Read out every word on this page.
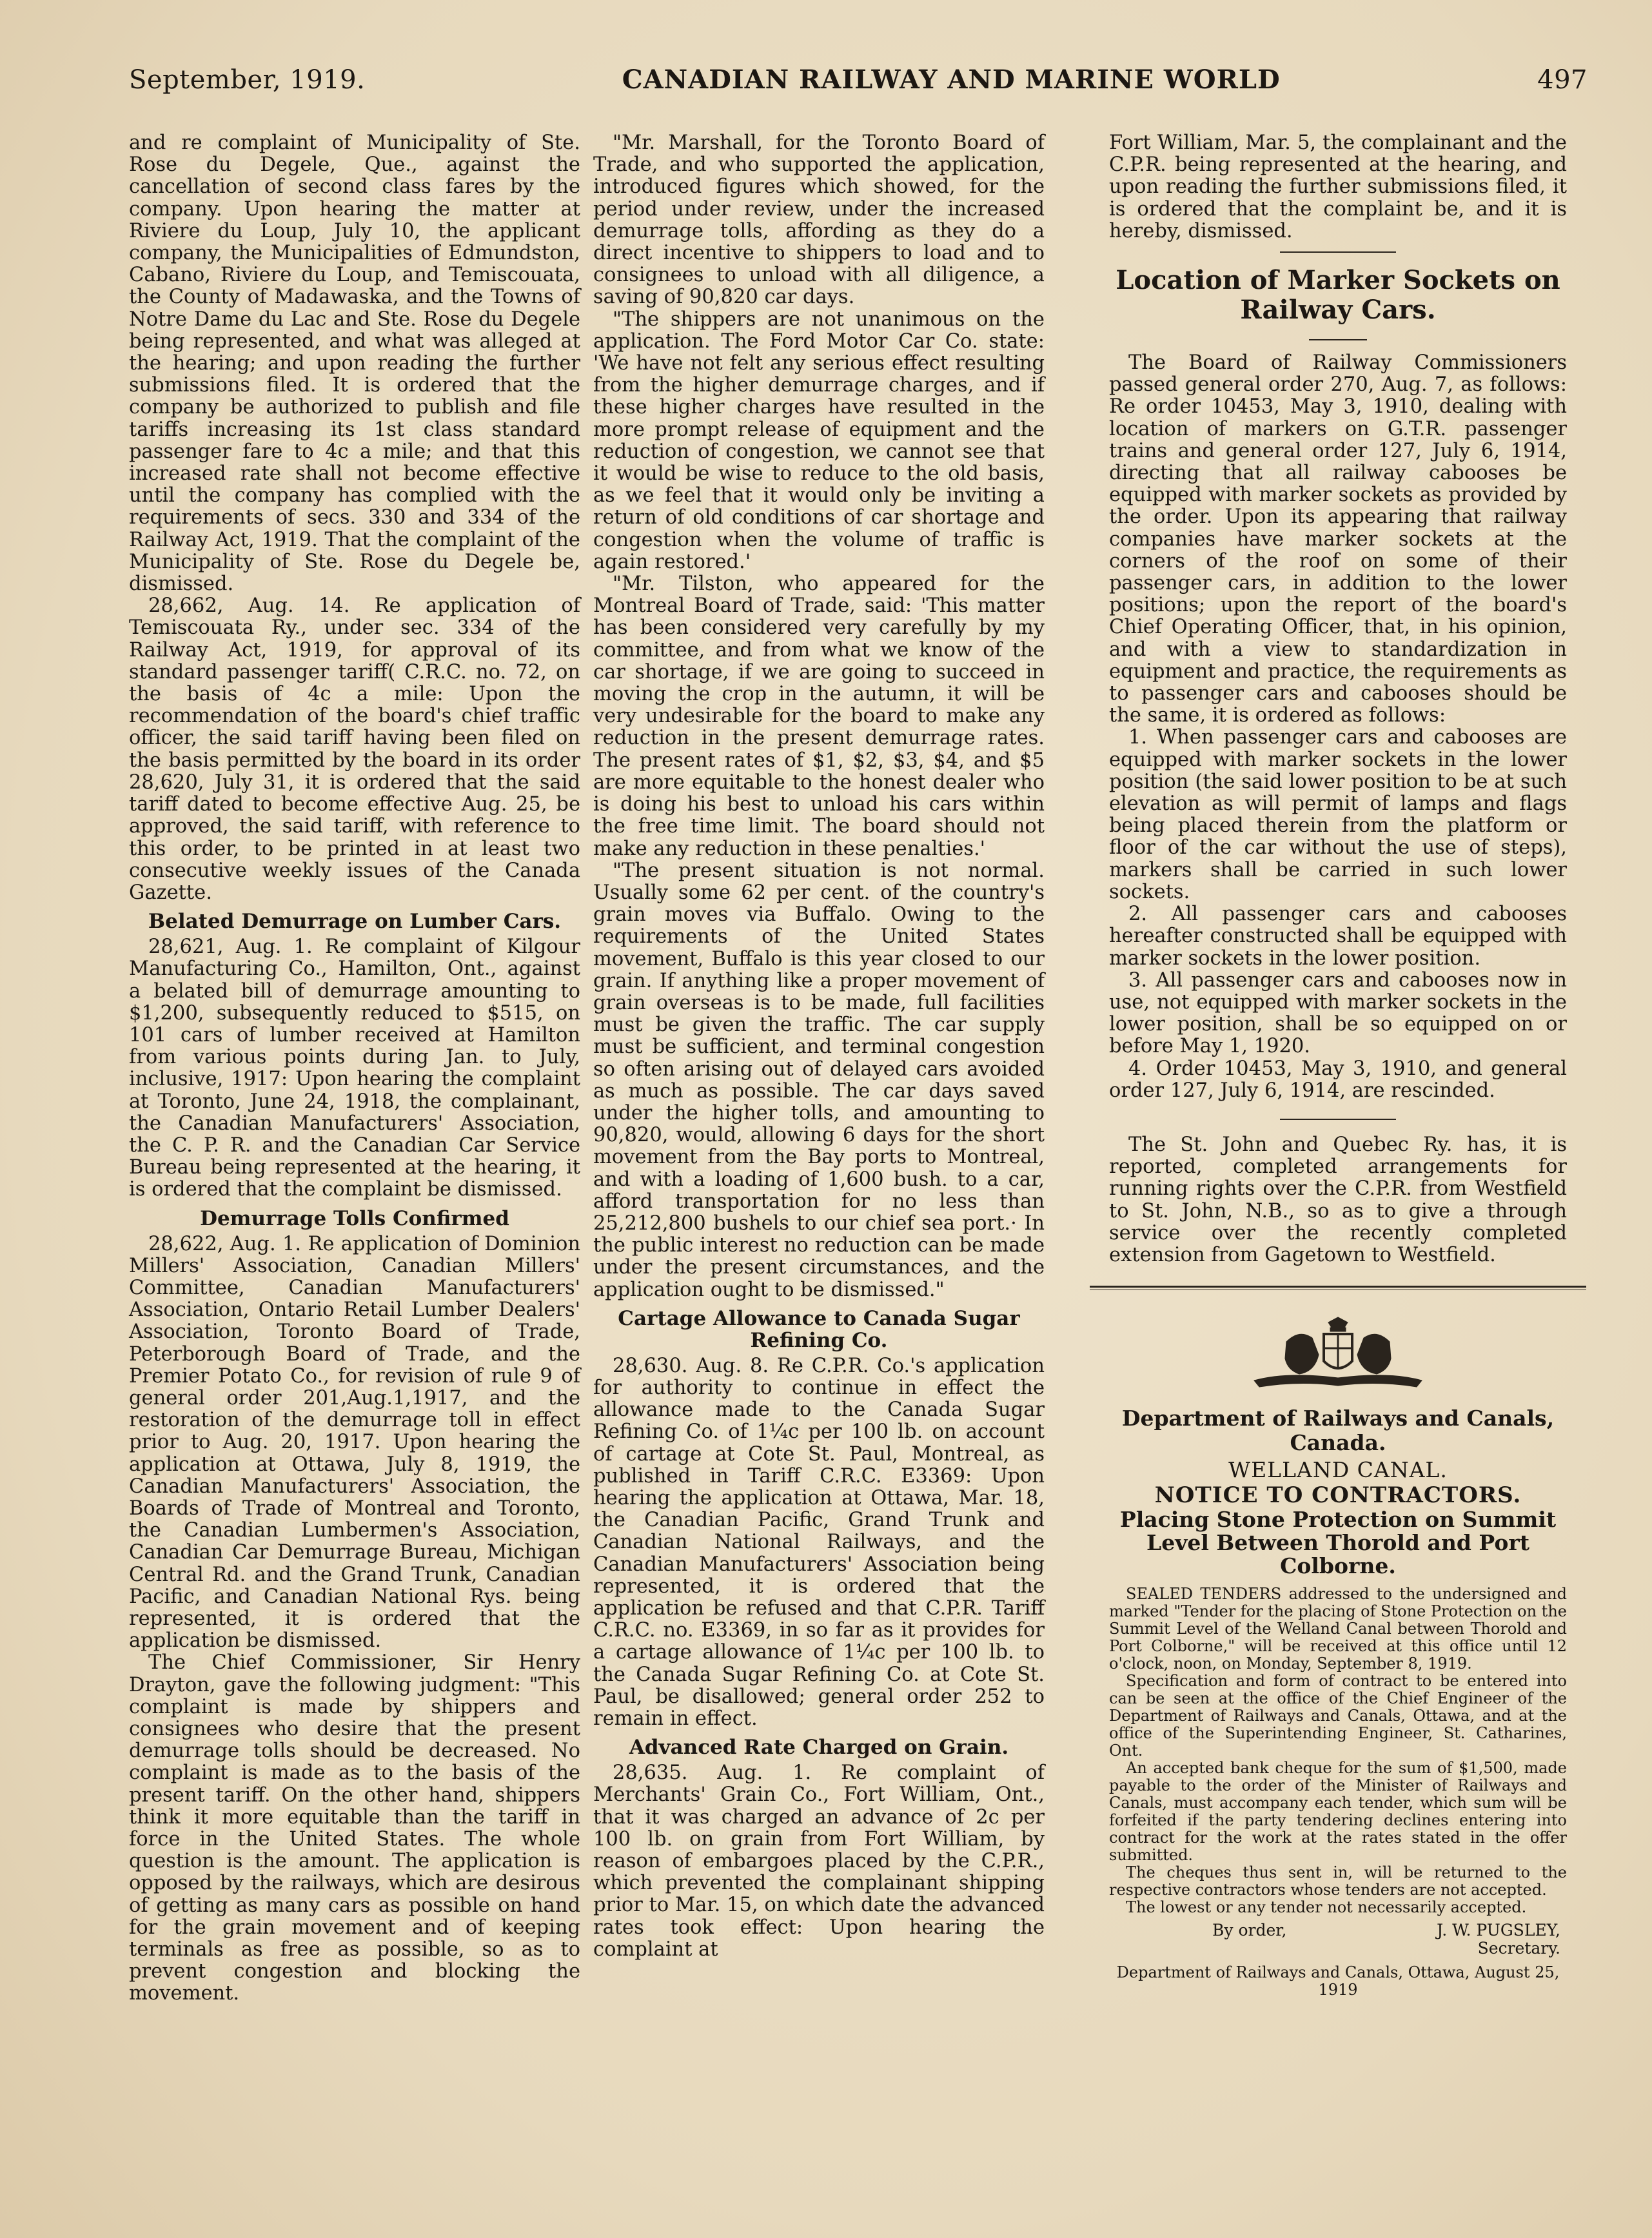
September, 1919.	CANADIAN RAILWAY AND MARINE WORLD	497

and re complaint of Municipality of Ste. Rose du Degele, Que., against the cancellation of second class fares by the company. Upon hearing the matter at Riviere du Loup, July 10, the applicant company, the Municipalities of Edmundston, Cabano, Riviere du Loup, and Temiscouata, the County of Madawaska, and the Towns of Notre Dame du Lac and Ste. Rose du Degele being represented, and what was alleged at the hearing; and upon reading the further submissions filed. It is ordered that the company be authorized to publish and file tariffs increasing its 1st class standard passenger fare to 4c a mile; and that this increased rate shall not become effective until the company has complied with the requirements of secs. 330 and 334 of the Railway Act, 1919. That the complaint of the Municipality of Ste. Rose du Degele be, dismissed.

28,662, Aug. 14. Re application of Temiscouata Ry., under sec. 334 of the Railway Act, 1919, for approval of its standard passenger tariff( C.R.C. no. 72, on the basis of 4c a mile: Upon the recommendation of the board's chief traffic officer, the said tariff having been filed on the basis permitted by the board in its order 28,620, July 31, it is ordered that the said tariff dated to become effective Aug. 25, be approved, the said tariff, with reference to this order, to be printed in at least two consecutive weekly issues of the Canada Gazette.

Belated Demurrage on Lumber Cars.

28,621, Aug. 1. Re complaint of Kilgour Manufacturing Co., Hamilton, Ont., against a belated bill of demurrage amounting to $1,200, subsequently reduced to $515, on 101 cars of lumber received at Hamilton from various points during Jan. to July, inclusive, 1917: Upon hearing the complaint at Toronto, June 24, 1918, the complainant, the Canadian Manufacturers' Association, the C. P. R. and the Canadian Car Service Bureau being represented at the hearing, it is ordered that the complaint be dismissed.

Demurrage Tolls Confirmed

28,622, Aug. 1. Re application of Dominion Millers' Association, Canadian Millers' Committee, Canadian Manufacturers' Association, Ontario Retail Lumber Dealers' Association, Toronto Board of Trade, Peterborough Board of Trade, and the Premier Potato Co., for revision of rule 9 of general order 201,Aug.1,1917, and the restoration of the demurrage toll in effect prior to Aug. 20, 1917. Upon hearing the application at Ottawa, July 8, 1919, the Canadian Manufacturers' Association, the Boards of Trade of Montreal and Toronto, the Canadian Lumbermen's Association, Canadian Car Demurrage Bureau, Michigan Central Rd. and the Grand Trunk, Canadian Pacific, and Canadian National Rys. being represented, it is ordered that the application be dismissed.

The Chief Commissioner, Sir Henry Drayton, gave the following judgment: "This complaint is made by shippers and consignees who desire that the present demurrage tolls should be decreased. No complaint is made as to the basis of the present tariff. On the other hand, shippers think it more equitable than the tariff in force in the United States. The whole question is the amount. The application is opposed by the railways, which are desirous of getting as many cars as possible on hand for the grain movement and of keeping terminals as free as possible, so as to prevent congestion and blocking the movement.

"Mr. Marshall, for the Toronto Board of Trade, and who supported the application, introduced figures which showed, for the period under review, under the increased demurrage tolls, affording as they do a direct incentive to shippers to load and to consignees to unload with all diligence, a saving of 90,820 car days.

"The shippers are not unanimous on the application. The Ford Motor Car Co. state: 'We have not felt any serious effect resulting from the higher demurrage charges, and if these higher charges have resulted in the more prompt release of equipment and the reduction of congestion, we cannot see that it would be wise to reduce to the old basis, as we feel that it would only be inviting a return of old conditions of car shortage and congestion when the volume of traffic is again restored.'

"Mr. Tilston, who appeared for the Montreal Board of Trade, said: 'This matter has been considered very carefully by my committee, and from what we know of the car shortage, if we are going to succeed in moving the crop in the autumn, it will be very undesirable for the board to make any reduction in the present demurrage rates. The present rates of $1, $2, $3, $4, and $5 are more equitable to the honest dealer who is doing his best to unload his cars within the free time limit. The board should not make any reduction in these penalties.'

"The present situation is not normal. Usually some 62 per cent. of the country's grain moves via Buffalo. Owing to the requirements of the United States movement, Buffalo is this year closed to our grain. If anything like a proper movement of grain overseas is to be made, full facilities must be given the traffic. The car supply must be sufficient, and terminal congestion so often arising out of delayed cars avoided as much as possible. The car days saved under the higher tolls, and amounting to 90,820, would, allowing 6 days for the short movement from the Bay ports to Montreal, and with a loading of 1,600 bush. to a car, afford transportation for no less than 25,212,800 bushels to our chief sea port.· In the public interest no reduction can be made under the present circumstances, and the application ought to be dismissed."

Cartage Allowance to Canada Sugar Refining Co.

28,630. Aug. 8. Re C.P.R. Co.'s application for authority to continue in effect the allowance made to the Canada Sugar Refining Co. of 1¼c per 100 lb. on account of cartage at Cote St. Paul, Montreal, as published in Tariff C.R.C. E3369: Upon hearing the application at Ottawa, Mar. 18, the Canadian Pacific, Grand Trunk and Canadian National Railways, and the Canadian Manufacturers' Association being represented, it is ordered that the application be refused and that C.P.R. Tariff C.R.C. no. E3369, in so far as it provides for a cartage allowance of 1¼c per 100 lb. to the Canada Sugar Refining Co. at Cote St. Paul, be disallowed; general order 252 to remain in effect.

Advanced Rate Charged on Grain.

28,635. Aug. 1. Re complaint of Merchants' Grain Co., Fort William, Ont., that it was charged an advance of 2c per 100 lb. on grain from Fort William, by reason of embargoes placed by the C.P.R., which prevented the complainant shipping prior to Mar. 15, on which date the advanced rates took effect: Upon hearing the complaint at

Fort William, Mar. 5, the complainant and the C.P.R. being represented at the hearing, and upon reading the further submissions filed, it is ordered that the complaint be, and it is hereby, dismissed.

Location of Marker Sockets on Railway Cars.

The Board of Railway Commissioners passed general order 270, Aug. 7, as follows: Re order 10453, May 3, 1910, dealing with location of markers on G.T.R. passenger trains and general order 127, July 6, 1914, directing that all railway cabooses be equipped with marker sockets as provided by the order. Upon its appearing that railway companies have marker sockets at the corners of the roof on some of their passenger cars, in addition to the lower positions; upon the report of the board's Chief Operating Officer, that, in his opinion, and with a view to standardization in equipment and practice, the requirements as to passenger cars and cabooses should be the same, it is ordered as follows:

1. When passenger cars and cabooses are equipped with marker sockets in the lower position (the said lower position to be at such elevation as will permit of lamps and flags being placed therein from the platform or floor of the car without the use of steps), markers shall be carried in such lower sockets.

2. All passenger cars and cabooses hereafter constructed shall be equipped with marker sockets in the lower position.

3. All passenger cars and cabooses now in use, not equipped with marker sockets in the lower position, shall be so equipped on or before May 1, 1920.

4. Order 10453, May 3, 1910, and general order 127, July 6, 1914, are rescinded.

The St. John and Quebec Ry. has, it is reported, completed arrangements for running rights over the C.P.R. from Westfield to St. John, N.B., so as to give a through service over the recently completed extension from Gagetown to Westfield.

Department of Railways and Canals, Canada.
WELLAND CANAL.
NOTICE TO CONTRACTORS.
Placing Stone Protection on Summit Level Between Thorold and Port Colborne.

SEALED TENDERS addressed to the undersigned and marked "Tender for the placing of Stone Protection on the Summit Level of the Welland Canal between Thorold and Port Colborne," will be received at this office until 12 o'clock, noon, on Monday, September 8, 1919.

Specification and form of contract to be entered into can be seen at the office of the Chief Engineer of the Department of Railways and Canals, Ottawa, and at the office of the Superintending Engineer, St. Catharines, Ont.

An accepted bank cheque for the sum of $1,500, made payable to the order of the Minister of Railways and Canals, must accompany each tender, which sum will be forfeited if the party tendering declines entering into contract for the work at the rates stated in the offer submitted.

The cheques thus sent in, will be returned to the respective contractors whose tenders are not accepted.

The lowest or any tender not necessarily accepted.

By order,	J. W. PUGSLEY,
Secretary.
Department of Railways and Canals, Ottawa, August 25, 1919
